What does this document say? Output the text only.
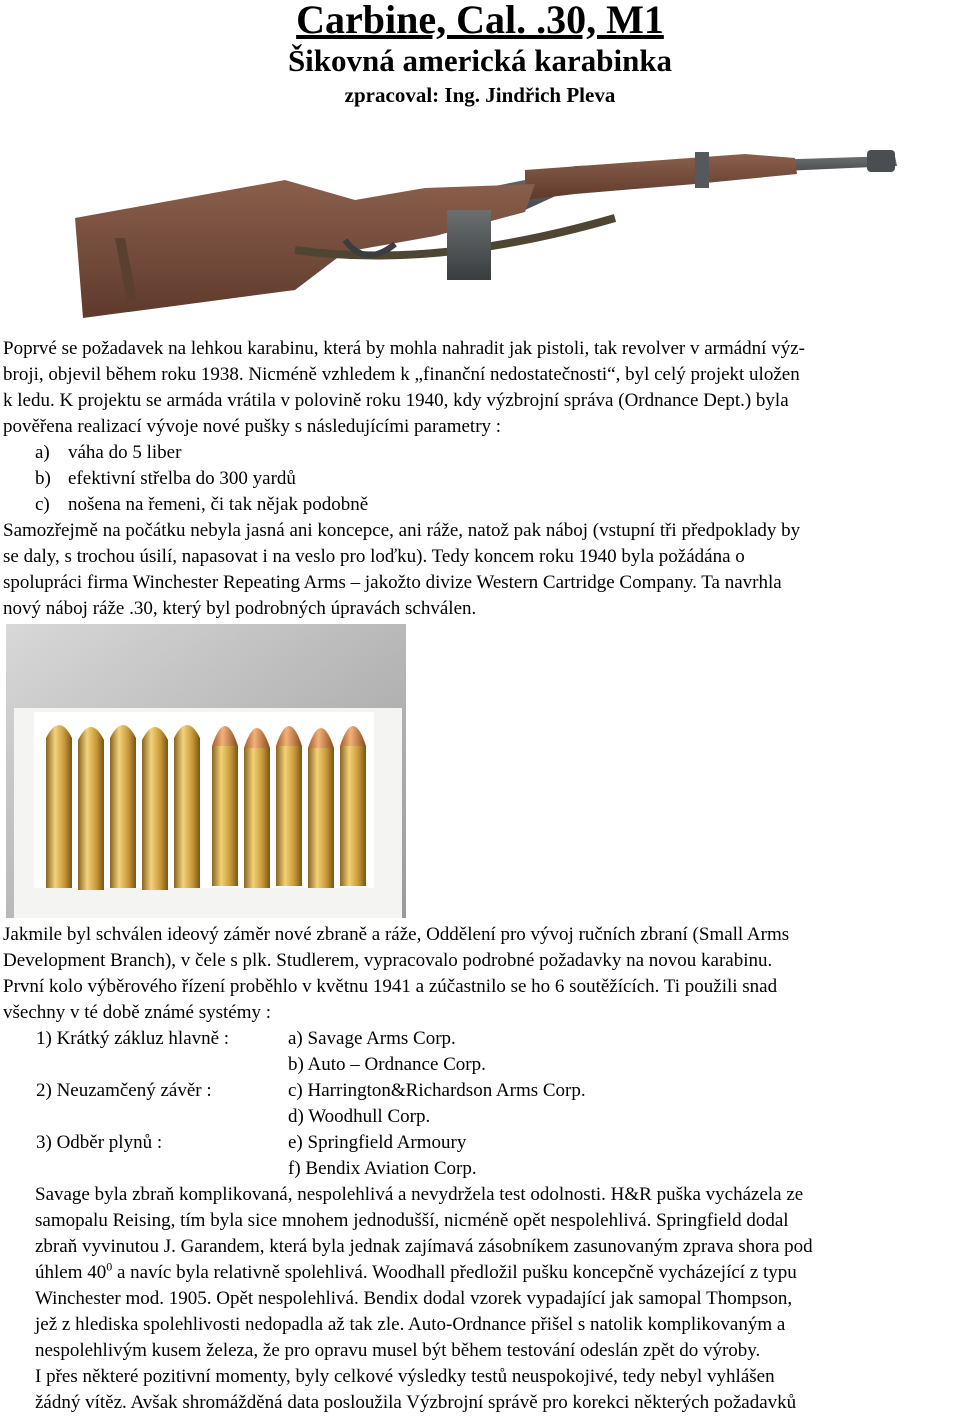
Carbine, Cal. .30, M1
Šikovná americká karabinka
zpracoval: Ing. Jindřich Pleva

Poprvé se požadavek na lehkou karabinu, která by mohla nahradit jak pistoli, tak revolver v armádní výz-

broji, objevil během roku 1938. Nicméně vzhledem k „finanční nedostatečnosti“, byl celý projekt uložen

k ledu. K projektu se armáda vrátila v polovině roku 1940, kdy výzbrojní správa (Ordnance Dept.) byla

pověřena realizací vývoje nové pušky s následujícími parametry :

a) váha do 5 liber
b) efektivní střelba do 300 yardů
c) nošena na řemeni, či tak nějak podobně

Samozřejmě na počátku nebyla jasná ani koncepce, ani ráže, natož pak náboj (vstupní tři předpoklady by

se daly, s trochou úsilí, napasovat i na veslo pro loďku). Tedy koncem roku 1940 byla požádána o

spolupráci firma Winchester Repeating Arms – jakožto divize Western Cartridge Company. Ta navrhla

nový náboj ráže .30, který byl podrobných úpravách schválen.

Jakmile byl schválen ideový záměr nové zbraně a ráže, Oddělení pro vývoj ručních zbraní (Small Arms

Development Branch), v čele s plk. Studlerem, vypracovalo podrobné požadavky na novou karabinu.

První kolo výběrového řízení proběhlo v květnu 1941 a zúčastnilo se ho 6 soutěžících. Ti použili snad

všechny v té době známé systémy :

1) Krátký zákluz hlavně :	a) Savage Arms Corp.
b) Auto – Ordnance Corp.
2) Neuzamčený závěr :	c) Harrington&Richardson Arms Corp.
d) Woodhull Corp.
3) Odběr plynů :	e) Springfield Armoury
f) Bendix Aviation Corp.

Savage byla zbraň komplikovaná, nespolehlivá a nevydržela test odolnosti. H&R puška vycházela ze

samopalu Reising, tím byla sice mnohem jednodušší, nicméně opět nespolehlivá. Springfield dodal

zbraň vyvinutou J. Garandem, která byla jednak zajímavá zásobníkem zasunovaným zprava shora pod

úhlem $40^0$ a navíc byla relativně spolehlivá. Woodhall předložil pušku koncepčně vycházející z typu

Winchester mod. 1905. Opět nespolehlivá. Bendix dodal vzorek vypadající jak samopal Thompson,

jež z hlediska spolehlivosti nedopadla až tak zle. Auto-Ordnance přišel s natolik komplikovaným a

nespolehlivým kusem železa, že pro opravu musel být během testování odeslán zpět do výroby.

I přes některé pozitivní momenty, byly celkové výsledky testů neuspokojivé, tedy nebyl vyhlášen

žádný vítěz. Avšak shromážděná data posloužila Výzbrojní správě pro korekci některých požadavků
